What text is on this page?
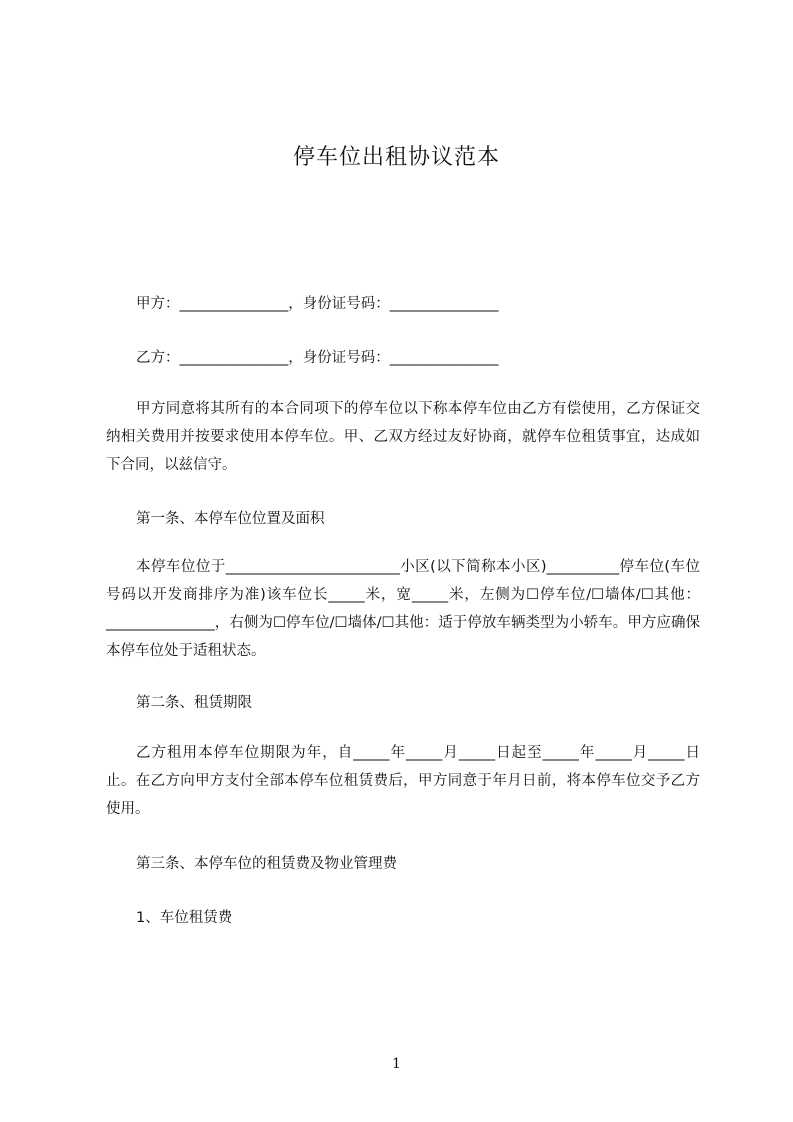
停车位出租协议范本
甲方：_______________，身份证号码：_______________
乙方：_______________，身份证号码：_______________
甲方同意将其所有的本合同项下的停车位以下称本停车位由乙方有偿使用，乙方保证交纳相关费用并按要求使用本停车位。甲、乙双方经过友好协商，就停车位租赁事宜，达成如下合同，以兹信守。
第一条、本停车位位置及面积
本停车位位于________________________小区(以下简称本小区)__________停车位(车位号码以开发商排序为准)该车位长_____米，宽_____米，左侧为☐停车位/☐墙体/☐其他：_______________，右侧为☐停车位/☐墙体/☐其他：适于停放车辆类型为小轿车。甲方应确保本停车位处于适租状态。
第二条、租赁期限
乙方租用本停车位期限为年，自_____年_____月_____日起至_____年_____月_____日止。在乙方向甲方支付全部本停车位租赁费后，甲方同意于年月日前，将本停车位交予乙方使用。
第三条、本停车位的租赁费及物业管理费
1、车位租赁费
1
